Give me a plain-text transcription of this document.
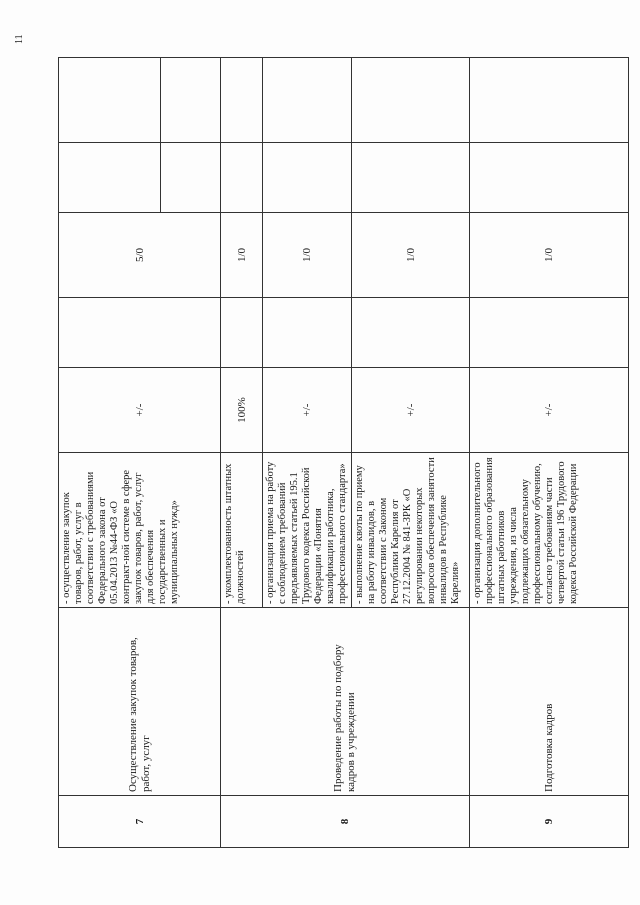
11
7	Осуществление закупок товаров, работ, услуг	- осуществление закупок товаров, работ, услуг в соответствии с требованиями Федерального закона от 05.04.2013 №44-ФЗ «О контракт-ной системе в сфере закупок товаров, работ, услуг для обеспечения государственных и муниципальных нужд»	+/-		5/0		

8	Проведение работы по подбору кадров в учреждении	- укомплектованность штатных должностей	100%		1/0		
		- организация приема на работу с соблюдением требований предъявляемых статьей 195.1 Трудового кодекса Российской Федерации «Понятия квалификации работника, профессионального стандарта»	+/-		1/0		
		- выполнение квоты по приему на работу инвалидов, в соответствии с Законом Республики Карелия от 27.12.2004 № 841-ЗРК «О регулировании некоторых вопросов обеспечения занятости инвалидов в Республике Карелия»	+/-		1/0		
9	Подготовка кадров	- организация дополнительного профессионального образования штатных работников учреждения, из числа подлежащих обязательному профессиональному обучению, согласно требованиям части четвертой статьи 196 Трудового кодекса Российской Федерации	+/-		1/0		
